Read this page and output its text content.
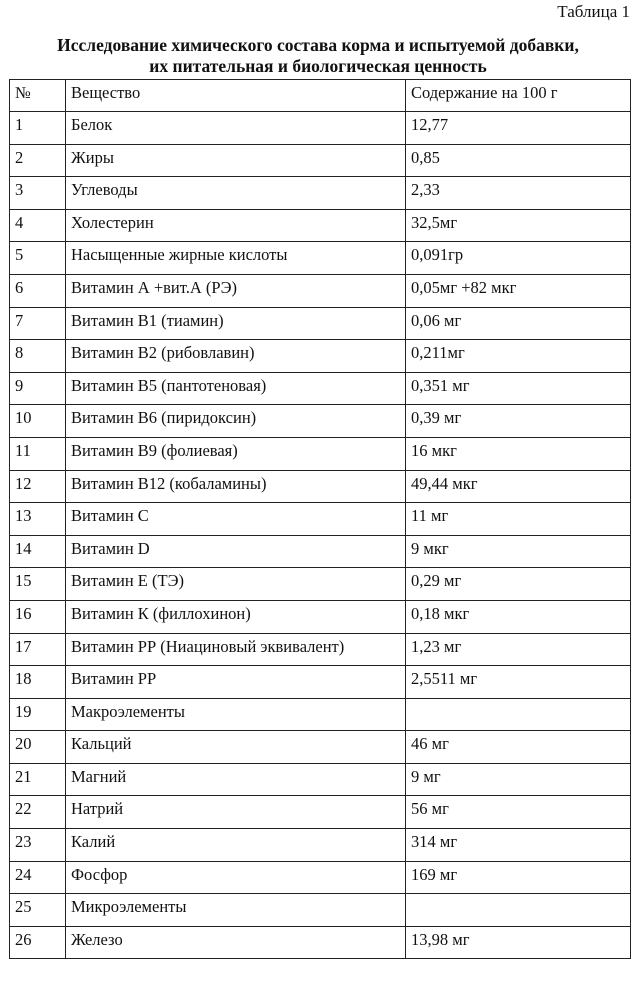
Таблица 1
Исследование химического состава корма и испытуемой добавки,
их питательная и биологическая ценность
№	Вещество	Содержание на 100 г
1	Белок	12,77
2	Жиры	0,85
3	Углеводы	2,33
4	Холестерин	32,5мг
5	Насыщенные жирные кислоты	0,091гр
6	Витамин А +вит.А (РЭ)	0,05мг +82 мкг
7	Витамин В1 (тиамин)	0,06 мг
8	Витамин В2 (рибовлавин)	0,211мг
9	Витамин В5 (пантотеновая)	0,351 мг
10	Витамин В6 (пиридоксин)	0,39 мг
11	Витамин В9 (фолиевая)	16 мкг
12	Витамин В12 (кобаламины)	49,44 мкг
13	Витамин С	11 мг
14	Витамин D	9 мкг
15	Витамин Е (ТЭ)	0,29 мг
16	Витамин К (филлохинон)	0,18 мкг
17	Витамин РР (Ниациновый эквивалент)	1,23 мг
18	Витамин РР	2,5511 мг
19	Макроэлементы	
20	Кальций	46 мг
21	Магний	9 мг
22	Натрий	56 мг
23	Калий	314 мг
24	Фосфор	169 мг
25	Микроэлементы	
26	Железо	13,98 мг
